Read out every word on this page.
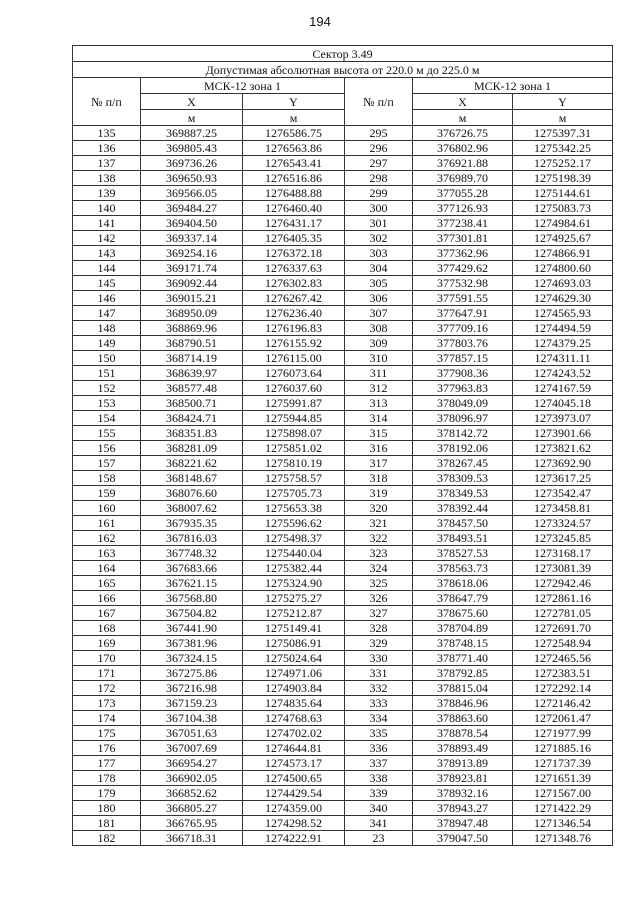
194
Сектор 3.49					
Допустимая абсолютная высота от 220.0 м до 225.0 м					
№ п/п	МСК-12 зона 1		№ п/п	МСК-12 зона 1	
	X	Y		X	Y
	м	м		м	м
135	369887.25	1276586.75	295	376726.75	1275397.31
136	369805.43	1276563.86	296	376802.96	1275342.25
137	369736.26	1276543.41	297	376921.88	1275252.17
138	369650.93	1276516.86	298	376989.70	1275198.39
139	369566.05	1276488.88	299	377055.28	1275144.61
140	369484.27	1276460.40	300	377126.93	1275083.73
141	369404.50	1276431.17	301	377238.41	1274984.61
142	369337.14	1276405.35	302	377301.81	1274925.67
143	369254.16	1276372.18	303	377362.96	1274866.91
144	369171.74	1276337.63	304	377429.62	1274800.60
145	369092.44	1276302.83	305	377532.98	1274693.03
146	369015.21	1276267.42	306	377591.55	1274629.30
147	368950.09	1276236.40	307	377647.91	1274565.93
148	368869.96	1276196.83	308	377709.16	1274494.59
149	368790.51	1276155.92	309	377803.76	1274379.25
150	368714.19	1276115.00	310	377857.15	1274311.11
151	368639.97	1276073.64	311	377908.36	1274243.52
152	368577.48	1276037.60	312	377963.83	1274167.59
153	368500.71	1275991.87	313	378049.09	1274045.18
154	368424.71	1275944.85	314	378096.97	1273973.07
155	368351.83	1275898.07	315	378142.72	1273901.66
156	368281.09	1275851.02	316	378192.06	1273821.62
157	368221.62	1275810.19	317	378267.45	1273692.90
158	368148.67	1275758.57	318	378309.53	1273617.25
159	368076.60	1275705.73	319	378349.53	1273542.47
160	368007.62	1275653.38	320	378392.44	1273458.81
161	367935.35	1275596.62	321	378457.50	1273324.57
162	367816.03	1275498.37	322	378493.51	1273245.85
163	367748.32	1275440.04	323	378527.53	1273168.17
164	367683.66	1275382.44	324	378563.73	1273081.39
165	367621.15	1275324.90	325	378618.06	1272942.46
166	367568.80	1275275.27	326	378647.79	1272861.16
167	367504.82	1275212.87	327	378675.60	1272781.05
168	367441.90	1275149.41	328	378704.89	1272691.70
169	367381.96	1275086.91	329	378748.15	1272548.94
170	367324.15	1275024.64	330	378771.40	1272465.56
171	367275.86	1274971.06	331	378792.85	1272383.51
172	367216.98	1274903.84	332	378815.04	1272292.14
173	367159.23	1274835.64	333	378846.96	1272146.42
174	367104.38	1274768.63	334	378863.60	1272061.47
175	367051.63	1274702.02	335	378878.54	1271977.99
176	367007.69	1274644.81	336	378893.49	1271885.16
177	366954.27	1274573.17	337	378913.89	1271737.39
178	366902.05	1274500.65	338	378923.81	1271651.39
179	366852.62	1274429.54	339	378932.16	1271567.00
180	366805.27	1274359.00	340	378943.27	1271422.29
181	366765.95	1274298.52	341	378947.48	1271346.54
182	366718.31	1274222.91	23	379047.50	1271348.76
